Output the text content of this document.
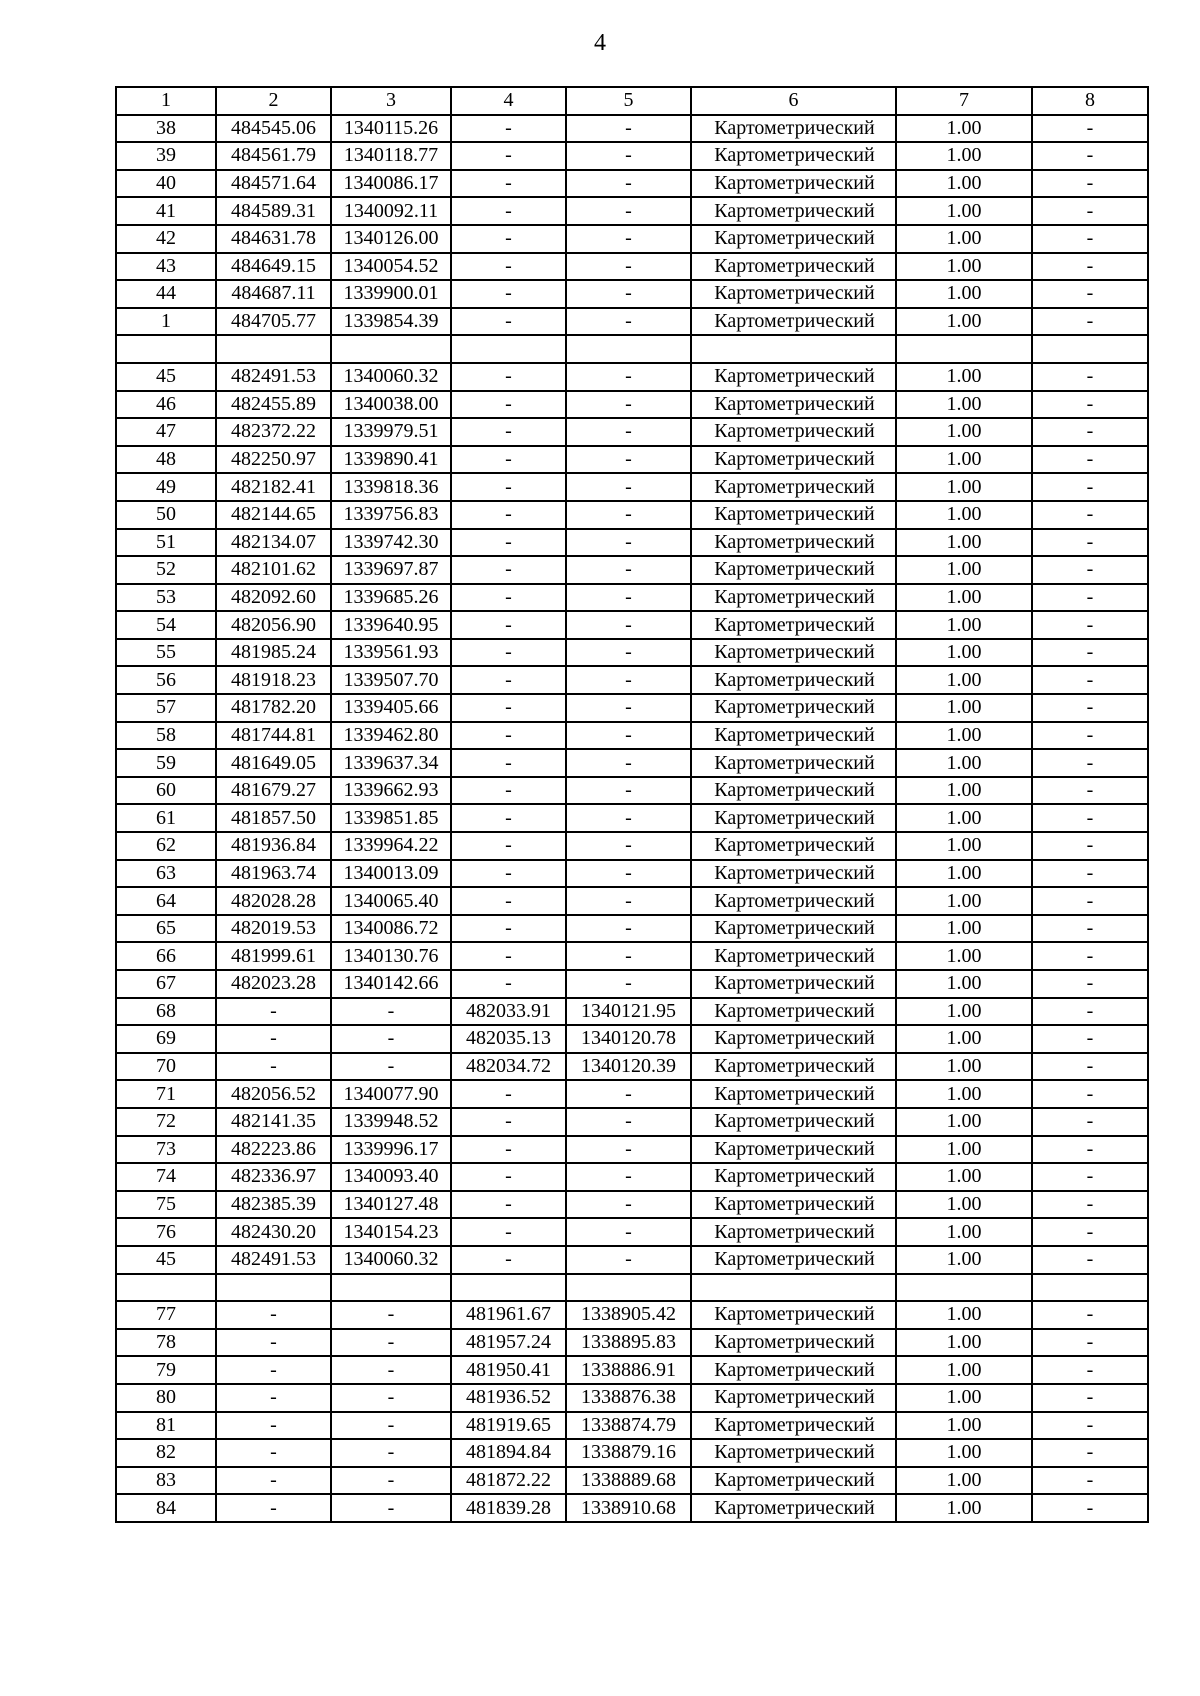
4
1	2	3	4	5	6	7	8
38	484545.06	1340115.26	-	-	Картометрический	1.00	-
39	484561.79	1340118.77	-	-	Картометрический	1.00	-
40	484571.64	1340086.17	-	-	Картометрический	1.00	-
41	484589.31	1340092.11	-	-	Картометрический	1.00	-
42	484631.78	1340126.00	-	-	Картометрический	1.00	-
43	484649.15	1340054.52	-	-	Картометрический	1.00	-
44	484687.11	1339900.01	-	-	Картометрический	1.00	-
1	484705.77	1339854.39	-	-	Картометрический	1.00	-

45	482491.53	1340060.32	-	-	Картометрический	1.00	-
46	482455.89	1340038.00	-	-	Картометрический	1.00	-
47	482372.22	1339979.51	-	-	Картометрический	1.00	-
48	482250.97	1339890.41	-	-	Картометрический	1.00	-
49	482182.41	1339818.36	-	-	Картометрический	1.00	-
50	482144.65	1339756.83	-	-	Картометрический	1.00	-
51	482134.07	1339742.30	-	-	Картометрический	1.00	-
52	482101.62	1339697.87	-	-	Картометрический	1.00	-
53	482092.60	1339685.26	-	-	Картометрический	1.00	-
54	482056.90	1339640.95	-	-	Картометрический	1.00	-
55	481985.24	1339561.93	-	-	Картометрический	1.00	-
56	481918.23	1339507.70	-	-	Картометрический	1.00	-
57	481782.20	1339405.66	-	-	Картометрический	1.00	-
58	481744.81	1339462.80	-	-	Картометрический	1.00	-
59	481649.05	1339637.34	-	-	Картометрический	1.00	-
60	481679.27	1339662.93	-	-	Картометрический	1.00	-
61	481857.50	1339851.85	-	-	Картометрический	1.00	-
62	481936.84	1339964.22	-	-	Картометрический	1.00	-
63	481963.74	1340013.09	-	-	Картометрический	1.00	-
64	482028.28	1340065.40	-	-	Картометрический	1.00	-
65	482019.53	1340086.72	-	-	Картометрический	1.00	-
66	481999.61	1340130.76	-	-	Картометрический	1.00	-
67	482023.28	1340142.66	-	-	Картометрический	1.00	-
68	-	-	482033.91	1340121.95	Картометрический	1.00	-
69	-	-	482035.13	1340120.78	Картометрический	1.00	-
70	-	-	482034.72	1340120.39	Картометрический	1.00	-
71	482056.52	1340077.90	-	-	Картометрический	1.00	-
72	482141.35	1339948.52	-	-	Картометрический	1.00	-
73	482223.86	1339996.17	-	-	Картометрический	1.00	-
74	482336.97	1340093.40	-	-	Картометрический	1.00	-
75	482385.39	1340127.48	-	-	Картометрический	1.00	-
76	482430.20	1340154.23	-	-	Картометрический	1.00	-
45	482491.53	1340060.32	-	-	Картометрический	1.00	-

77	-	-	481961.67	1338905.42	Картометрический	1.00	-
78	-	-	481957.24	1338895.83	Картометрический	1.00	-
79	-	-	481950.41	1338886.91	Картометрический	1.00	-
80	-	-	481936.52	1338876.38	Картометрический	1.00	-
81	-	-	481919.65	1338874.79	Картометрический	1.00	-
82	-	-	481894.84	1338879.16	Картометрический	1.00	-
83	-	-	481872.22	1338889.68	Картометрический	1.00	-
84	-	-	481839.28	1338910.68	Картометрический	1.00	-
